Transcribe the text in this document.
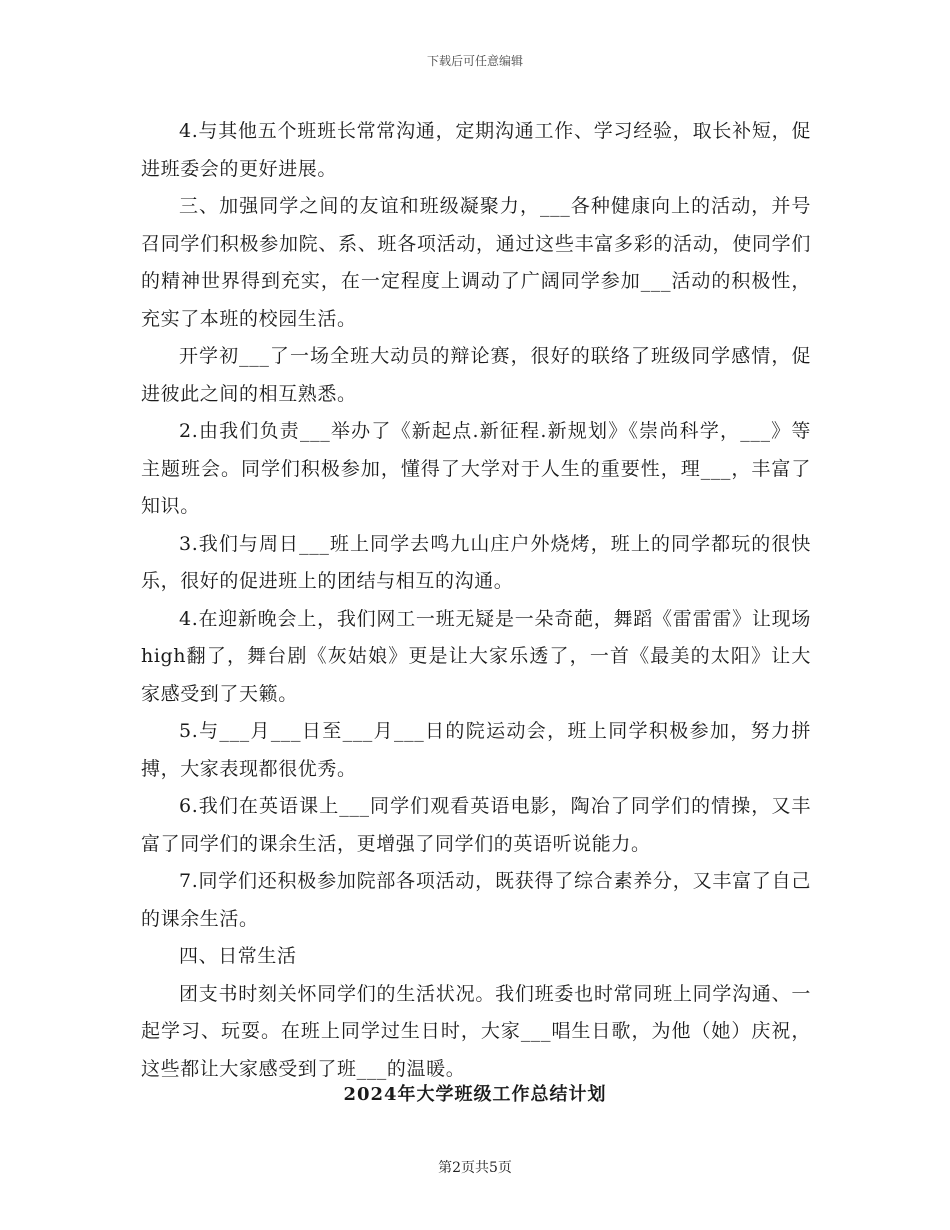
下载后可任意编辑

4.与其他五个班班长常常沟通，定期沟通工作、学习经验，取长补短，促进班委会的更好进展。

三、加强同学之间的友谊和班级凝聚力，___各种健康向上的活动，并号召同学们积极参加院、系、班各项活动，通过这些丰富多彩的活动，使同学们的精神世界得到充实，在一定程度上调动了广阔同学参加___活动的积极性，充实了本班的校园生活。

开学初___了一场全班大动员的辩论赛，很好的联络了班级同学感情，促进彼此之间的相互熟悉。

2.由我们负责___举办了《新起点.新征程.新规划》《崇尚科学，___》等主题班会。同学们积极参加，懂得了大学对于人生的重要性，理___，丰富了知识。

3.我们与周日___班上同学去鸣九山庄户外烧烤，班上的同学都玩的很快乐，很好的促进班上的团结与相互的沟通。

4.在迎新晚会上，我们网工一班无疑是一朵奇葩，舞蹈《雷雷雷》让现场high翻了，舞台剧《灰姑娘》更是让大家乐透了，一首《最美的太阳》让大家感受到了天籁。

5.与___月___日至___月___日的院运动会，班上同学积极参加，努力拼搏，大家表现都很优秀。

6.我们在英语课上___同学们观看英语电影，陶冶了同学们的情操，又丰富了同学们的课余生活，更增强了同学们的英语听说能力。

7.同学们还积极参加院部各项活动，既获得了综合素养分，又丰富了自己的课余生活。

四、日常生活

团支书时刻关怀同学们的生活状况。我们班委也时常同班上同学沟通、一起学习、玩耍。在班上同学过生日时，大家___唱生日歌，为他（她）庆祝，这些都让大家感受到了班___的温暖。

2024年大学班级工作总结计划
第2页共5页
